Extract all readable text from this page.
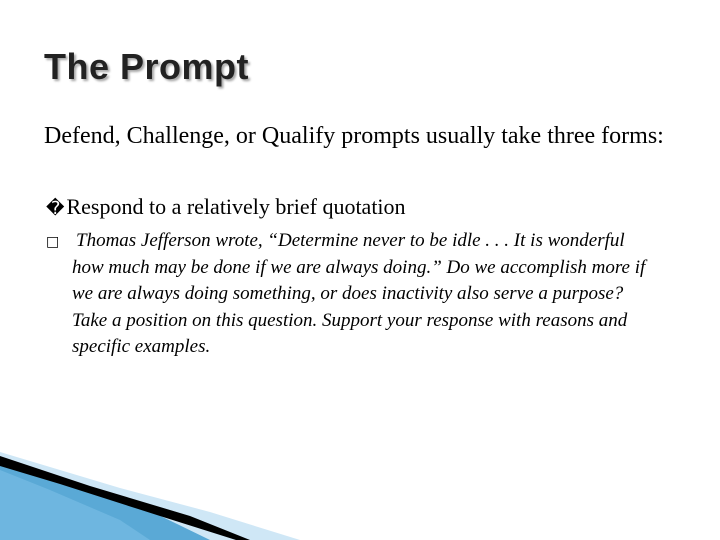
The Prompt
Defend, Challenge, or Qualify prompts usually take three forms:
�Respond to a relatively brief quotation
□ Thomas Jefferson wrote, “Determine never to be idle . . . It is wonderful how much may be done if we are always doing.” Do we accomplish more if we are always doing something, or does inactivity also serve a purpose? Take a position on this question. Support your response with reasons and specific examples.
